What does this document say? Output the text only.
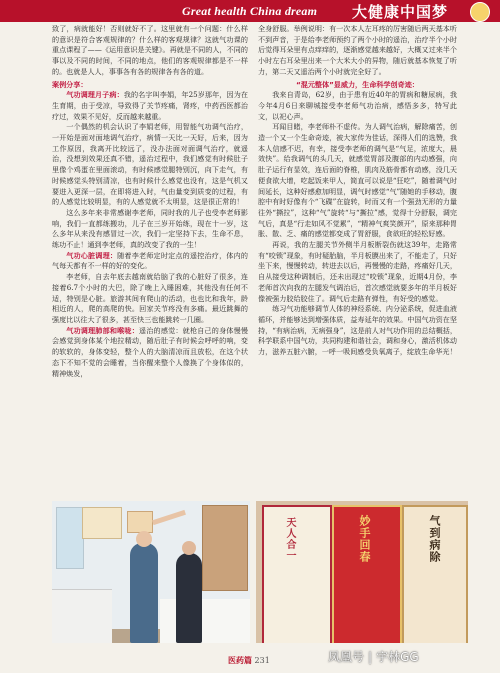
Great health China dream 大健康中国梦

致了，病就能好！否则就好不了。这里就有一个问题：什么样的意识是符合客观规律的？什么样的客观规律？这就气功课的重点课程了——《运用意识是关键》。再就是不同的人，不同的事以及不同的时间，不同的地点，他们的客观规律都是不一样的。也就是人人，事事各有各的规律各有各的道。

案例分享：

气功调理月子病：我的名字叫李娟，年25岁那年，因为在生育期，由于受凉，导致得了关节疼痛，肾疼，中药西医都治疗过，效果不见好，反而越来越重。

一个偶然的机会认识了李娟老师，用智能气功调气治疗，一开始是面对面地调气治疗，病情一天比一天好，后来，因为工作原因，我离开比较远了，没办法面对面调气治疗，就遥治，没想到效果还真不错，遥治过程中，我们感觉有时候肚子里像个鸡蛋在里面滚动，有时候感觉腿特别沉，向下走气，有时候感觉头特别清凉，也有时候什么感觉也没有，这是气机又要进入更深一层，在即将进入时，气由量变到质变的过程，有的人感觉比较明显，有的人感觉就不太明显，这是很正常的！

这么多年来非常感谢李老师，同时我的儿子也受李老师影响，我们一直都练搬功，儿子在三岁开始练，现在十一岁，这么多年从来没有感冒过一次，我们一定坚持下去，生命不息，练功不止！通到李老师，真的改变了我的一生！

气功心脏调理：随着李老师定时定点的遥控治疗，体内的气每天都有不一样的好的变化。

李老师，自去年底去越南就给脑了我的心脏好了很多，连接着6.7个小时的大巴，除了晚上入睡困难，其他没有任何不适，特别是心脏。旅游其间有爬山的活动，也也比和我年，龄相近的人，爬的高爬的快。回家关节疼没有多痛。最近跳舞的强度比以往大了很多，甚至快三也能跳转一几圈。

气功调理肺部和喉咙：遥治的感觉：就枪自己的身体慢慢会感觉到身体某个地拉精动，随后肚子有时候会呼呼的响，变的软软的，身体变轻，整个人的大脑清凉而且放松，在这个状态下不知不觉的会睡着，当你醒来整个人像换了个身体似的，精神焕发，

全身舒服。举例说明：有一次本人左耳疼的厉害随后两天基本听不到声音，于是给李老师预约了两个小时的遥治，治疗半个小时后觉得耳朵里有点痒痒的，逐渐感觉越来越好，大概又过来半个小时左右耳朵里出来一个大米大小的异物，随后就基本恢复了听力，第二天又遥治两个小时就完全好了。

“混元整体”显威力，生命科学创奇迹：

我来自青岛，62岁，由于患有近40年的胃病和糖尿病，我今年4月6日来聊城接受李老师气功治病，感悟多多，特写此文，以祀心声。

耳闻目睹，李老师朴不虚传。为人调气治病，解除痛苦，创造一个又一个生命奇迹，被大家传为佳话，深得人们的选赞，我本人信感不迟，有幸，接受李老师的调气是“气足，浓度大，晨效快”。给我调气的头几天，就感觉胃部及腹部的内动感强，向肚子运行有显效，连后面的脊椎，肌肉及筋骨都有动感，没几天便食欲大增，吃起饭来甲人，简直可以说是“狂吃”，随着调气时间延长，这种好感愈加明显，调气时感觉“气”随她的手移动，腹腔中有时好像有个“飞碟”在旋转，时而又有一个强劲无形的力量往外“撕拉”，这种“气”旋转“与“撕拉”感，觉得十分舒服，调完气后，真是“行走如风不觉累”，“精神气爽笑颜开”，原来那种胃胀、散、乏、痛的感觉都变成了胃舒服，食欲旺的轻松好感。

再说，我的左腿关节外侧半月板断裂伤就这39年，走路常有“咬锁”现象，有时疑胎脑，半月板膜出来了，不能走了，只好坐下来，慢慢转动，转进去以后，再慢慢的走路，疼痛好几天，自从接受这种调制后，还未出现过“咬锁”现象，近期4月份，李老师首次向我的左腿发气调治后，首次感觉就要多年的半月板好像被强力胶给胶住了。调气后走路有弹性，有好受的感觉。

练习气功能够调节人体的神经系统、内分泌系统，促进血液循环，并能够达到增强体质，益寿延年的效果。中国气功资在坚持，“有病治病，无病强身”，这是前人对气功作用的总结概括，科学联系中国气功，共同构建和谐社会，调和身心，激活机体动力，滋养五脏六腑，一呼一吸间感受负氧离子，绽放生命华光！

天人合一	妙手回春	气到病除
医药篇 231	凤凰号 | 宇林GG
